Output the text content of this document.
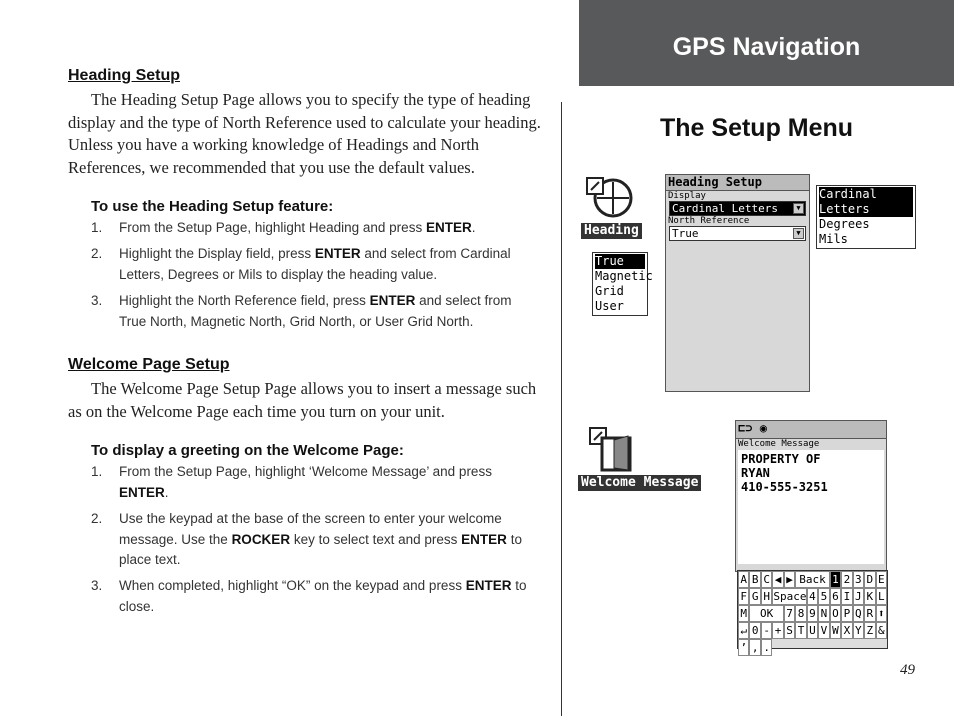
GPS Navigation
The Setup Menu
49
Heading Setup
The Heading Setup Page allows you to specify the type of heading display and the type of North Reference used to calculate your heading. Unless you have a working knowledge of Headings and North References, we recommended that you use the default values.
To use the Heading Setup feature:
1. From the Setup Page, highlight Heading and press ENTER.
2. Highlight the Display field, press ENTER and select from Cardinal Letters, Degrees or Mils to display the heading value.
3. Highlight the North Reference field, press ENTER and select from True North, Magnetic North, Grid North, or User Grid North.
Welcome Page Setup
The Welcome Page Setup Page allows you to insert a message such as on the Welcome Page each time you turn on your unit.
To display a greeting on the Welcome Page:
1. From the Setup Page, highlight ‘Welcome Message’ and press ENTER.
2. Use the keypad at the base of the screen to enter your welcome message. Use the ROCKER key to select text and press ENTER to place text.
3. When completed, highlight “OK” on the keypad and press ENTER to close.
Heading
Heading Setup
Display
Cardinal Letters	▼
North Reference
True	▼
Cardinal Letters
Degrees
Mils
True
Magnetic
Grid
User
Welcome Message
⊏⊃ ◉
Welcome Message
PROPERTY OF
RYAN
410-555-3251
A B C ◀ ▶ Back 1 2 3 D E
F G H Space 4 5 6 I J K L
M	OK	7 8 9 N O P Q R ⬆
↵ 0 - + S T U V W X Y Z &
’ , .
